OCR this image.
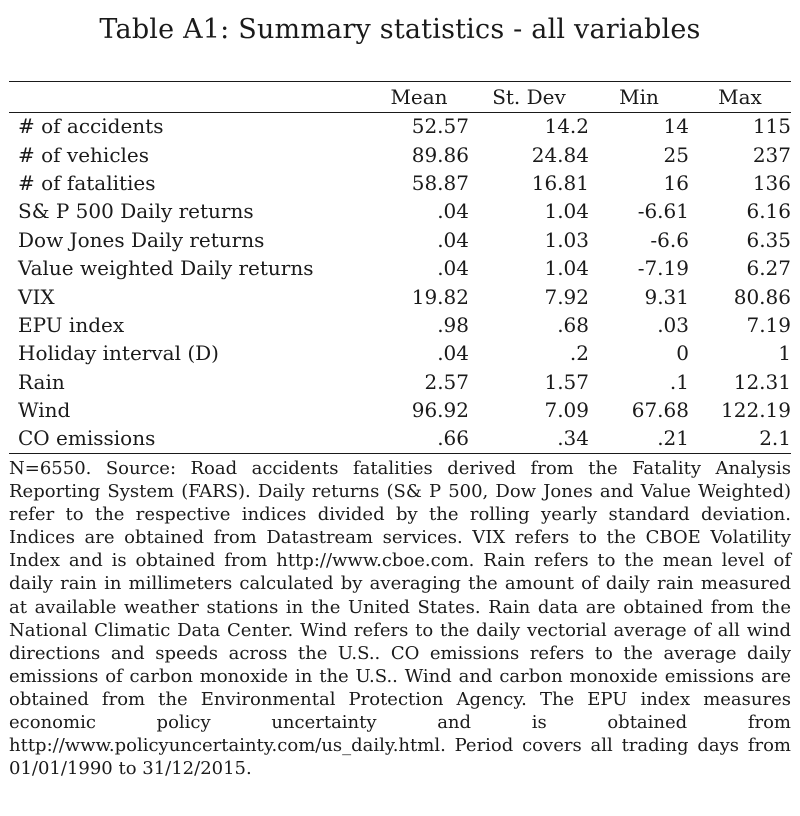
Table A1: Summary statistics - all variables
	Mean	St. Dev	Min	Max
# of accidents	52.57	14.2	14	115
# of vehicles	89.86	24.84	25	237
# of fatalities	58.87	16.81	16	136
S& P 500 Daily returns	.04	1.04	-6.61	6.16
Dow Jones Daily returns	.04	1.03	-6.6	6.35
Value weighted Daily returns	.04	1.04	-7.19	6.27
VIX	19.82	7.92	9.31	80.86
EPU index	.98	.68	.03	7.19
Holiday interval (D)	.04	.2	0	1
Rain	2.57	1.57	.1	12.31
Wind	96.92	7.09	67.68	122.19
CO emissions	.66	.34	.21	2.1
N=6550. Source: Road accidents fatalities derived from the Fatality Analysis Reporting System (FARS). Daily returns (S& P 500, Dow Jones and Value Weighted) refer to the respective indices divided by the rolling yearly standard deviation. Indices are obtained from Datastream services. VIX refers to the CBOE Volatility Index and is obtained from http://www.cboe.com. Rain refers to the mean level of daily rain in millimeters calculated by averaging the amount of daily rain measured at available weather stations in the United States. Rain data are obtained from the National Climatic Data Center. Wind refers to the daily vectorial average of all wind directions and speeds across the U.S.. CO emissions refers to the average daily emissions of carbon monoxide in the U.S.. Wind and carbon monoxide emissions are obtained from the Environmental Protection Agency. The EPU index measures economic policy uncertainty and is obtained from http://www.policyuncertainty.com/us_daily.html. Period covers all trading days from 01/01/1990 to 31/12/2015.
